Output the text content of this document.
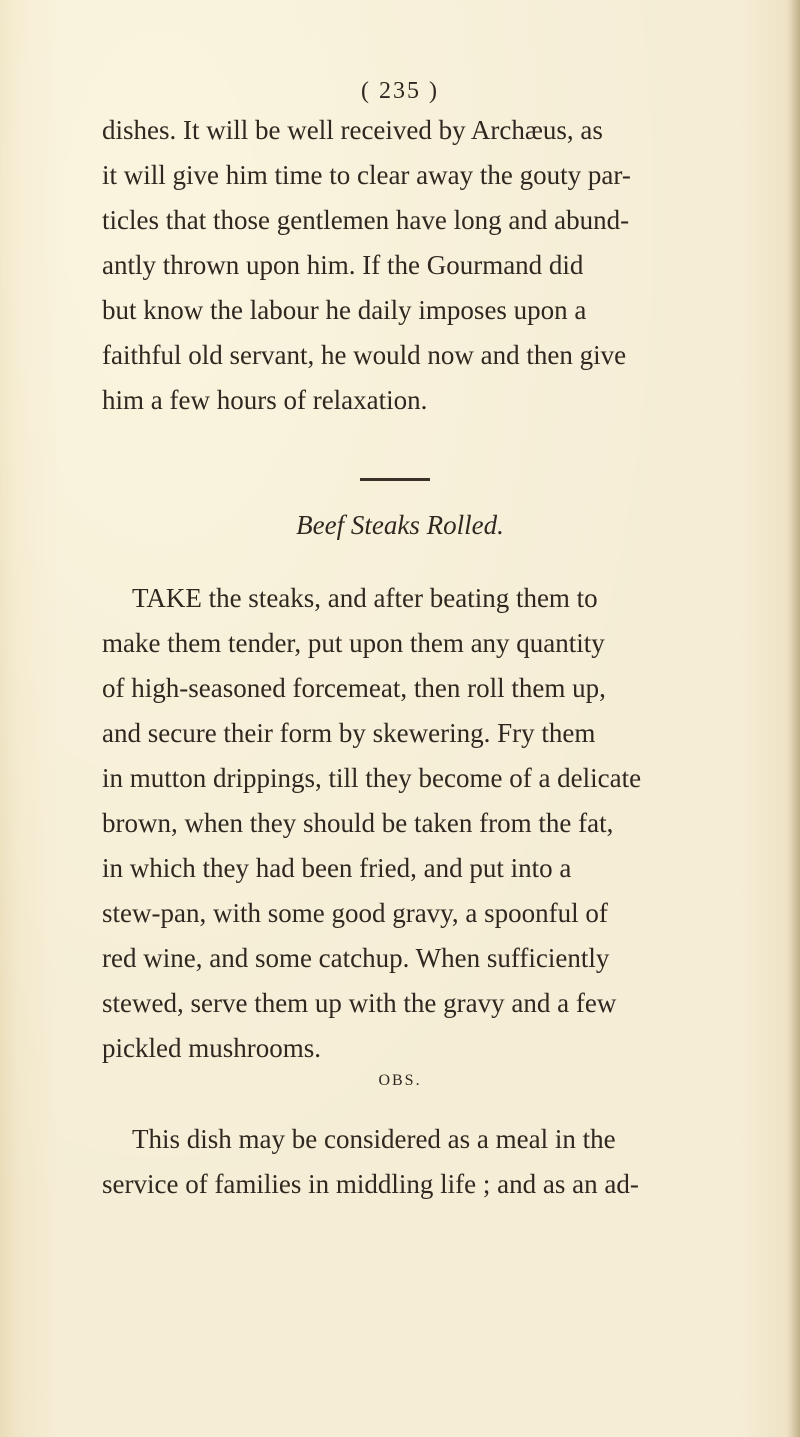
( 235 )
dishes. It will be well received by Archæus, as
it will give him time to clear away the gouty par-
ticles that those gentlemen have long and abund-
antly thrown upon him. If the Gourmand did
but know the labour he daily imposes upon a
faithful old servant, he would now and then give
him a few hours of relaxation.
Beef Steaks Rolled.
TAKE the steaks, and after beating them to
make them tender, put upon them any quantity
of high-seasoned forcemeat, then roll them up,
and secure their form by skewering. Fry them
in mutton drippings, till they become of a delicate
brown, when they should be taken from the fat,
in which they had been fried, and put into a
stew-pan, with some good gravy, a spoonful of
red wine, and some catchup. When sufficiently
stewed, serve them up with the gravy and a few
pickled mushrooms.
OBS.
This dish may be considered as a meal in the
service of families in middling life ; and as an ad-
